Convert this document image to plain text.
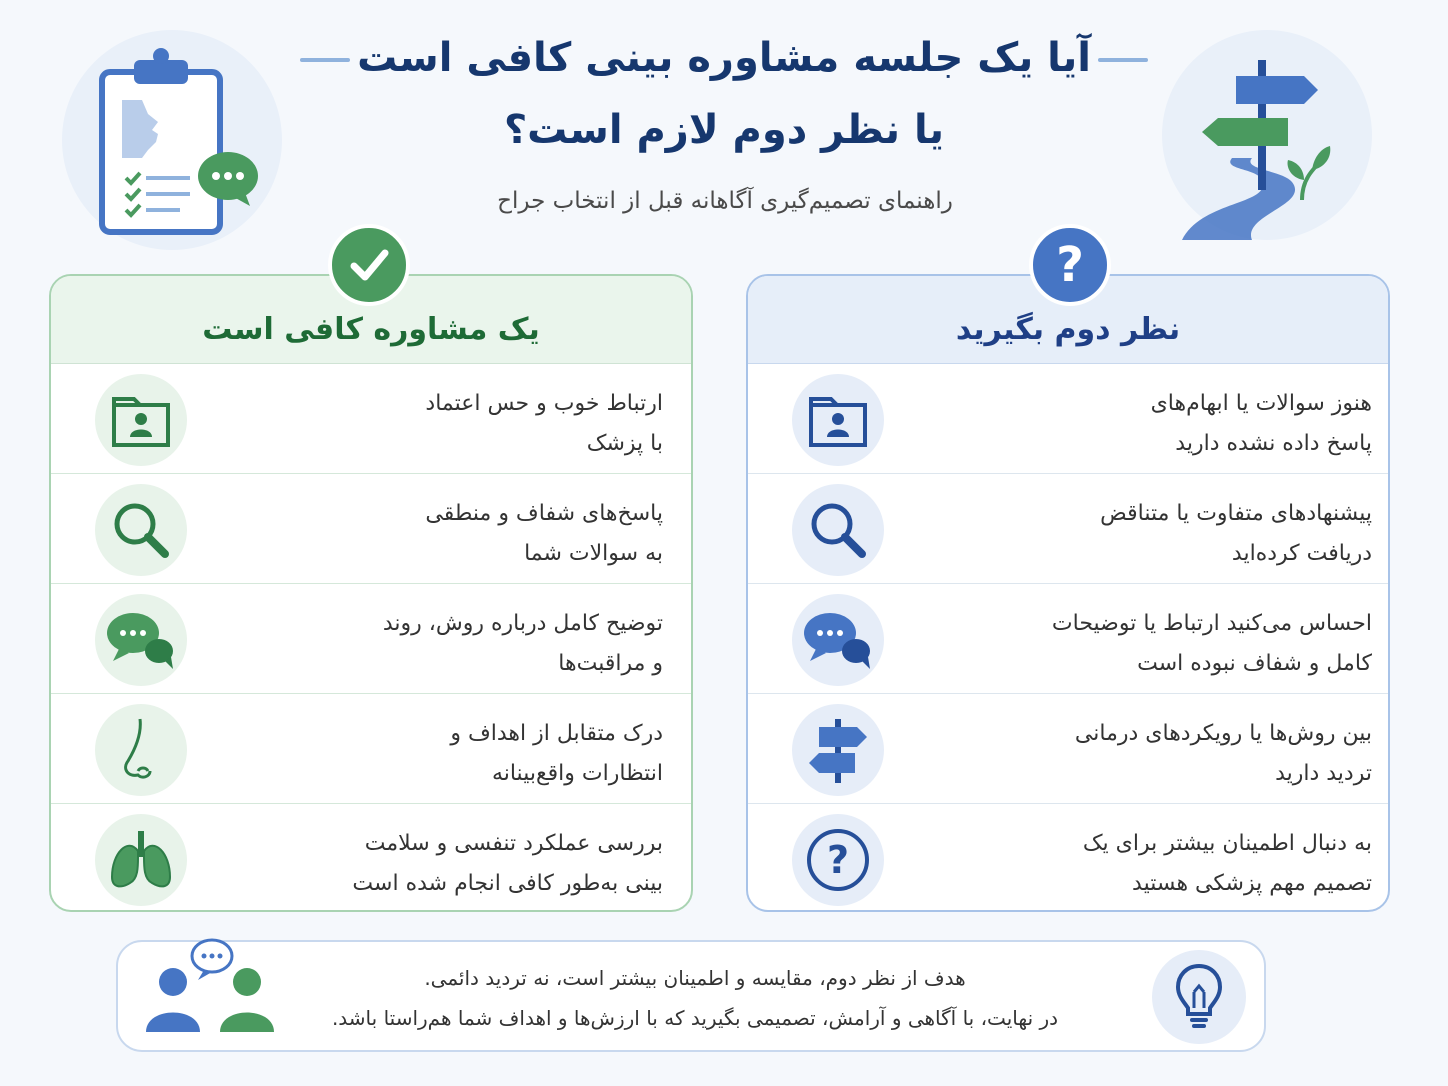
آیا یک جلسه مشاوره بینی کافی است
یا نظر دوم لازم است؟
راهنمای تصمیم‌گیری آگاهانه قبل از انتخاب جراح
?
یک مشاوره کافی است
ارتباط خوب و حس اعتماد
با پزشک
پاسخ‌های شفاف و منطقی
به سوالات شما
توضیح کامل درباره روش، روند
و مراقبت‌ها
درک متقابل از اهداف و
انتظارات واقع‌بینانه
بررسی عملکرد تنفسی و سلامت
بینی به‌طور کافی انجام شده است
نظر دوم بگیرید
هنوز سوالات یا ابهام‌های
پاسخ داده نشده دارید
پیشنهادهای متفاوت یا متناقض
دریافت کرده‌اید
احساس می‌کنید ارتباط یا توضیحات
کامل و شفاف نبوده است
بین روش‌ها یا رویکردهای درمانی
تردید دارید
?	به دنبال اطمینان بیشتر برای یک
تصمیم مهم پزشکی هستید
هدف از نظر دوم، مقایسه و اطمینان بیشتر است، نه تردید دائمی.
در نهایت، با آگاهی و آرامش، تصمیمی بگیرید که با ارزش‌ها و اهداف شما هم‌راستا باشد.
